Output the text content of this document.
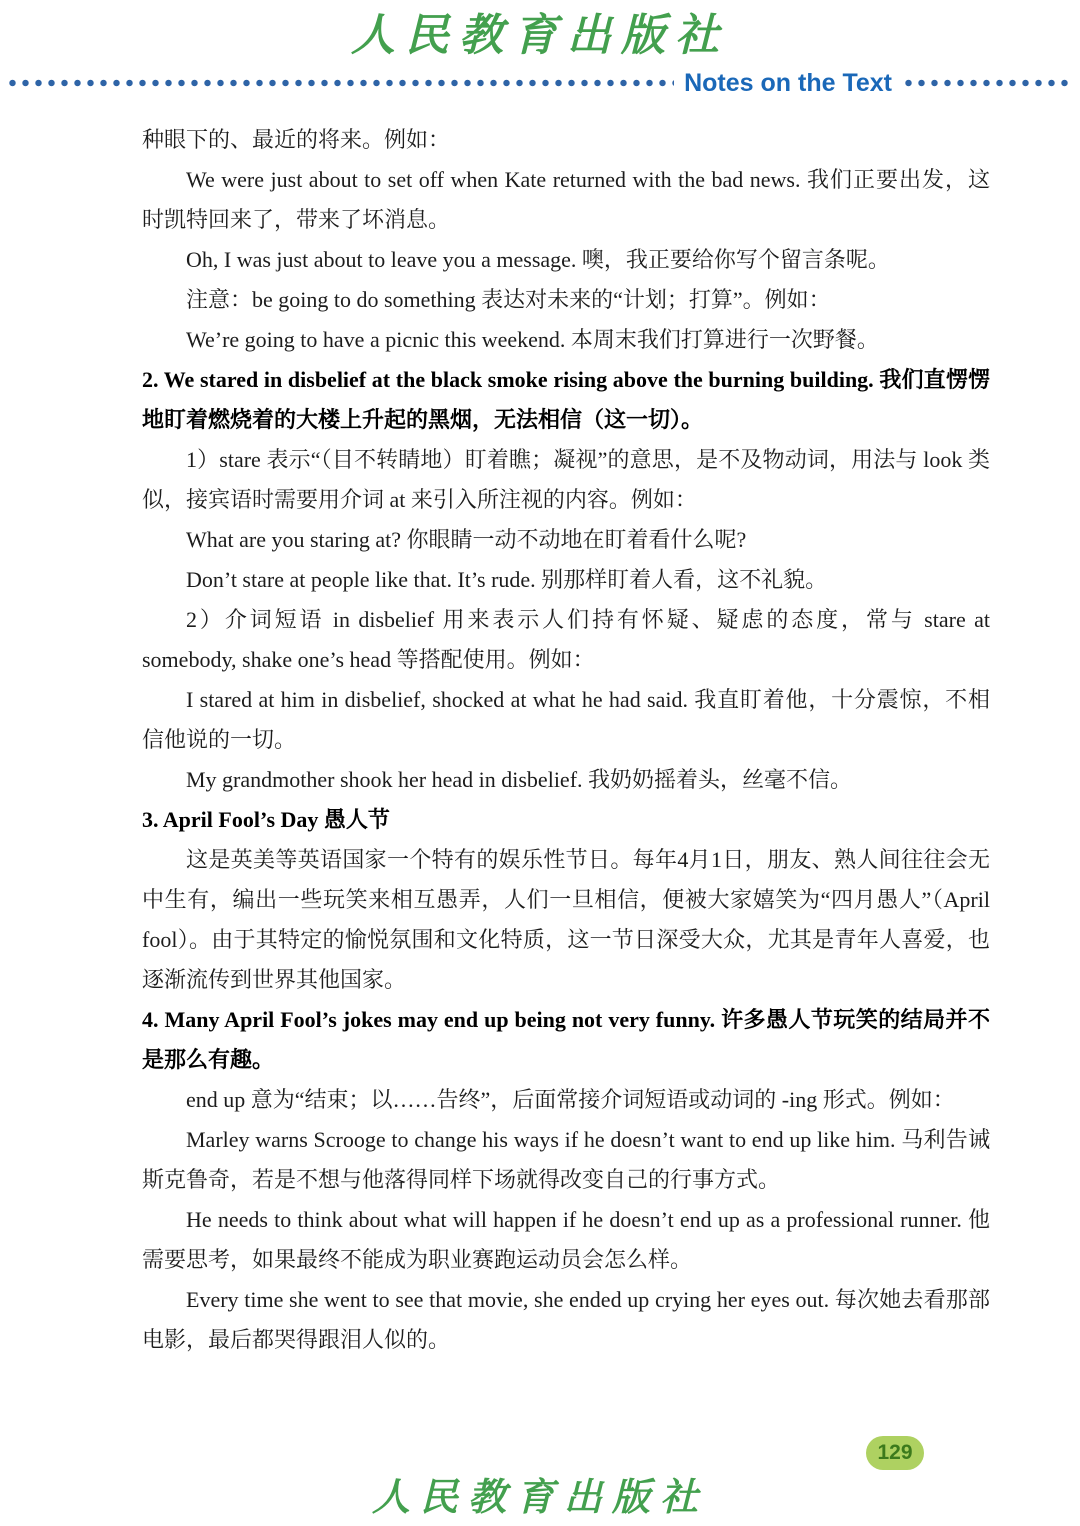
人民教育出版社
Notes on the Text

种眼下的、最近的将来。例如：

We were just about to set off when Kate returned with the bad news. 我们正要出发，这时凯特回来了，带来了坏消息。

Oh, I was just about to leave you a message. 噢，我正要给你写个留言条呢。

注意：be going to do something 表达对未来的“计划；打算”。例如：

We’re going to have a picnic this weekend. 本周末我们打算进行一次野餐。

2. We stared in disbelief at the black smoke rising above the burning building. 我们直愣愣地盯着燃烧着的大楼上升起的黑烟，无法相信（这一切）。

1）stare 表示“（目不转睛地）盯着瞧；凝视”的意思，是不及物动词，用法与 look 类似，接宾语时需要用介词 at 来引入所注视的内容。例如：

What are you staring at? 你眼睛一动不动地在盯着看什么呢?

Don’t stare at people like that. It’s rude. 别那样盯着人看，这不礼貌。

2）介词短语 in disbelief 用来表示人们持有怀疑、疑虑的态度，常与 stare at somebody, shake one’s head 等搭配使用。例如：

I stared at him in disbelief, shocked at what he had said. 我直盯着他，十分震惊，不相信他说的一切。

My grandmother shook her head in disbelief. 我奶奶摇着头，丝毫不信。

3. April Fool’s Day 愚人节

这是英美等英语国家一个特有的娱乐性节日。每年4月1日，朋友、熟人间往往会无中生有，编出一些玩笑来相互愚弄，人们一旦相信，便被大家嬉笑为“四月愚人”（April fool）。由于其特定的愉悦氛围和文化特质，这一节日深受大众，尤其是青年人喜爱，也逐渐流传到世界其他国家。

4. Many April Fool’s jokes may end up being not very funny. 许多愚人节玩笑的结局并不是那么有趣。

end up 意为“结束；以……告终”，后面常接介词短语或动词的 -ing 形式。例如：

Marley warns Scrooge to change his ways if he doesn’t want to end up like him. 马利告诫斯克鲁奇，若是不想与他落得同样下场就得改变自己的行事方式。

He needs to think about what will happen if he doesn’t end up as a professional runner. 他需要思考，如果最终不能成为职业赛跑运动员会怎么样。

Every time she went to see that movie, she ended up crying her eyes out. 每次她去看那部电影，最后都哭得跟泪人似的。

129
人民教育出版社
